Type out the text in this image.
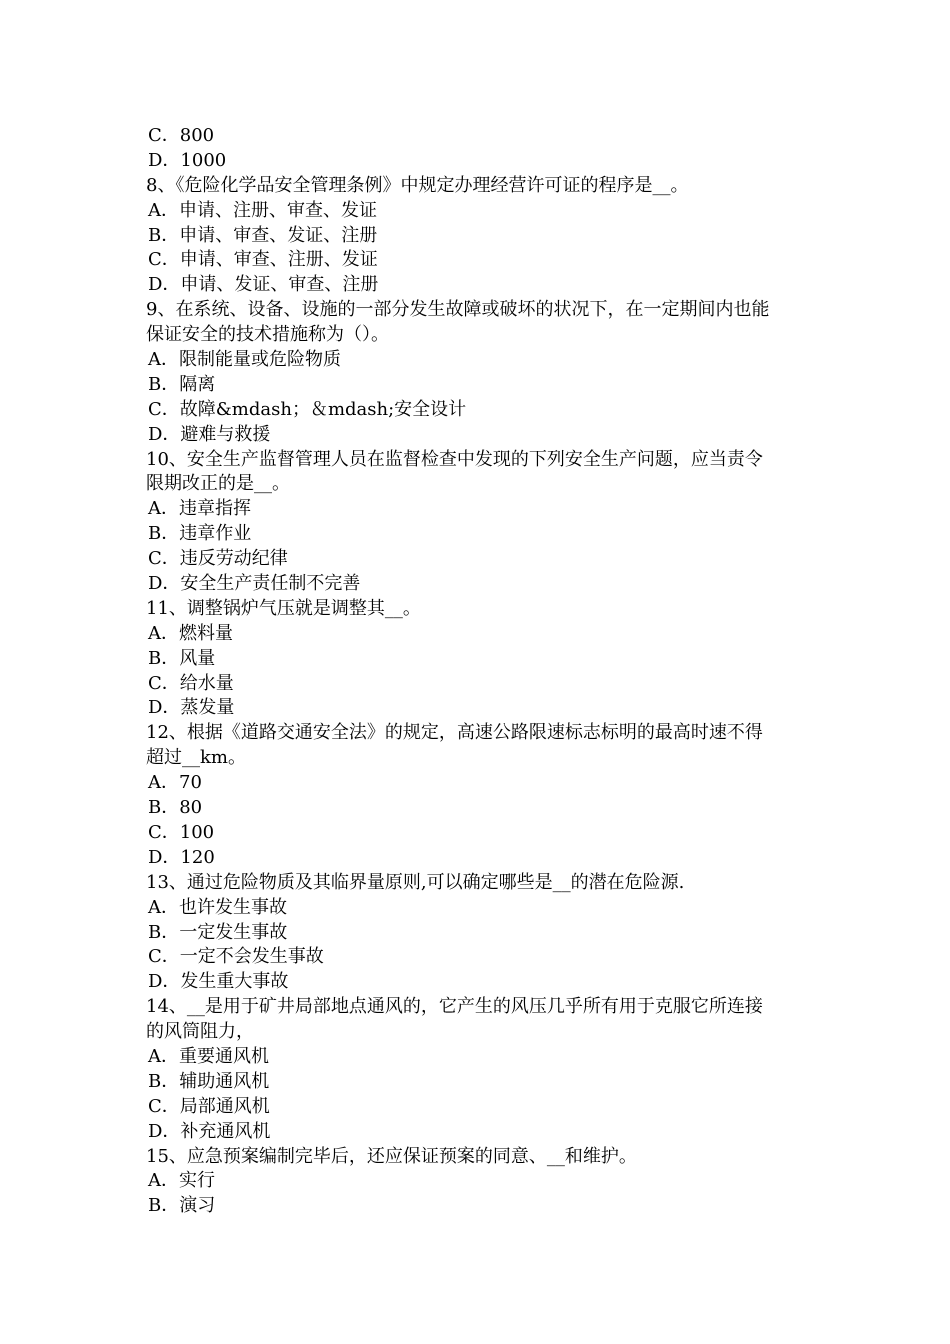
C．800
D．1000
8、《危险化学品安全管理条例》中规定办理经营许可证的程序是__。
A．申请、注册、审查、发证
B．申请、审查、发证、注册
C．申请、审查、注册、发证
D．申请、发证、审查、注册
9、在系统、设备、设施的一部分发生故障或破坏的状况下，在一定期间内也能
保证安全的技术措施称为（）。
A．限制能量或危险物质
B．隔离
C．故障&mdash；＆mdash;安全设计
D．避难与救援
10、安全生产监督管理人员在监督检查中发现的下列安全生产问题，应当责令
限期改正的是__。
A．违章指挥
B．违章作业
C．违反劳动纪律
D．安全生产责任制不完善
11、调整锅炉气压就是调整其__。
A．燃料量
B．风量
C．给水量
D．蒸发量
12、根据《道路交通安全法》的规定，高速公路限速标志标明的最高时速不得
超过__km。
A．70
B．80
C．100
D．120
13、通过危险物质及其临界量原则,可以确定哪些是__的潜在危险源.
A．也许发生事故
B．一定发生事故
C．一定不会发生事故
D．发生重大事故
14、__是用于矿井局部地点通风的，它产生的风压几乎所有用于克服它所连接
的风筒阻力，
A．重要通风机
B．辅助通风机
C．局部通风机
D．补充通风机
15、应急预案编制完毕后，还应保证预案的同意、__和维护。
A．实行
B．演习
